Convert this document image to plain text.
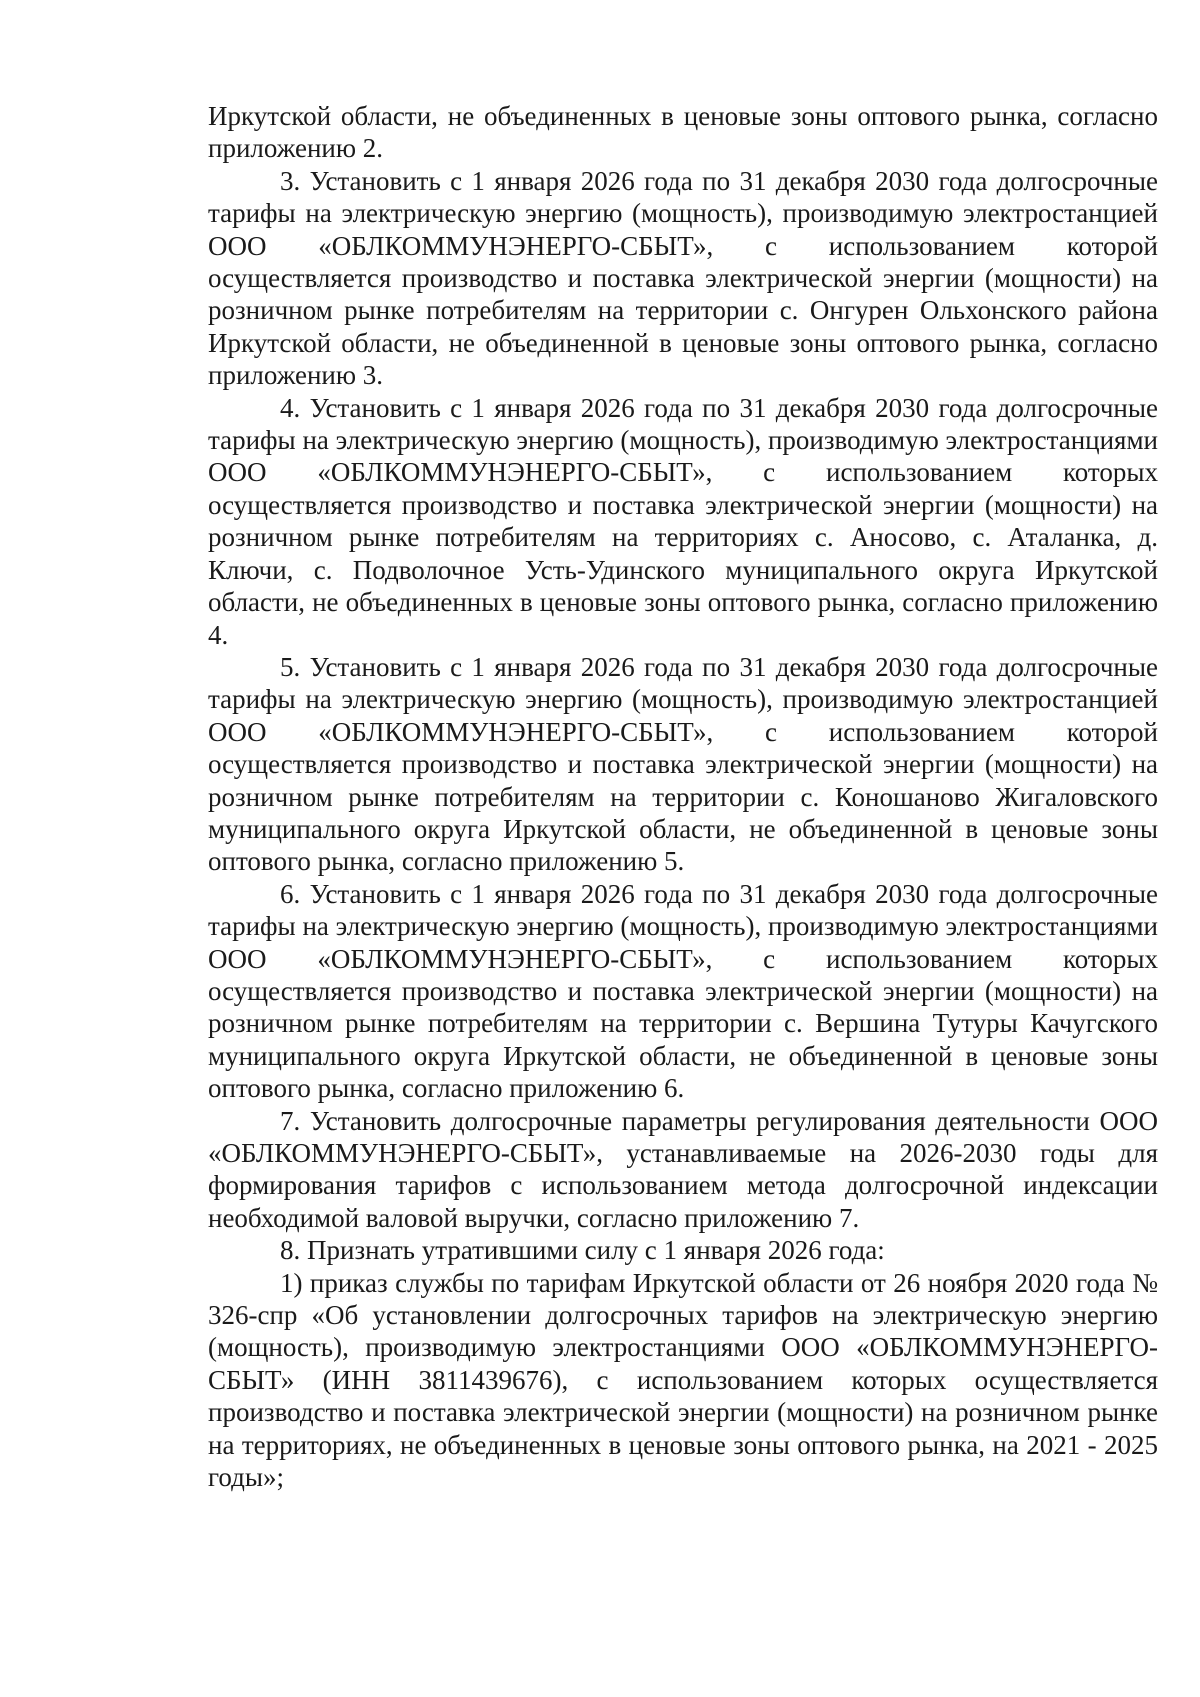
Иркутской области, не объединенных в ценовые зоны оптового рынка, согласно приложению 2.

3. Установить с 1 января 2026 года по 31 декабря 2030 года долгосрочные тарифы на электрическую энергию (мощность), производимую электростанцией ООО «ОБЛКОММУНЭНЕРГО-СБЫТ», с использованием которой осуществляется производство и поставка электрической энергии (мощности) на розничном рынке потребителям на территории с. Онгурен Ольхонского района Иркутской области, не объединенной в ценовые зоны оптового рынка, согласно приложению 3.

4. Установить с 1 января 2026 года по 31 декабря 2030 года долгосрочные тарифы на электрическую энергию (мощность), производимую электростанциями ООО «ОБЛКОММУНЭНЕРГО-СБЫТ», с использованием которых осуществляется производство и поставка электрической энергии (мощности) на розничном рынке потребителям на территориях с. Аносово, с. Аталанка, д. Ключи, с. Подволочное Усть-Удинского муниципального округа Иркутской области, не объединенных в ценовые зоны оптового рынка, согласно приложению 4.

5. Установить с 1 января 2026 года по 31 декабря 2030 года долгосрочные тарифы на электрическую энергию (мощность), производимую электростанцией ООО «ОБЛКОММУНЭНЕРГО-СБЫТ», с использованием которой осуществляется производство и поставка электрической энергии (мощности) на розничном рынке потребителям на территории с. Коношаново Жигаловского муниципального округа Иркутской области, не объединенной в ценовые зоны оптового рынка, согласно приложению 5.

6. Установить с 1 января 2026 года по 31 декабря 2030 года долгосрочные тарифы на электрическую энергию (мощность), производимую электростанциями ООО «ОБЛКОММУНЭНЕРГО-СБЫТ», с использованием которых осуществляется производство и поставка электрической энергии (мощности) на розничном рынке потребителям на территории с. Вершина Тутуры Качугского муниципального округа Иркутской области, не объединенной в ценовые зоны оптового рынка, согласно приложению 6.

7. Установить долгосрочные параметры регулирования деятельности ООО «ОБЛКОММУНЭНЕРГО-СБЫТ», устанавливаемые на 2026-2030 годы для формирования тарифов с использованием метода долгосрочной индексации необходимой валовой выручки, согласно приложению 7.

8. Признать утратившими силу с 1 января 2026 года:

1) приказ службы по тарифам Иркутской области от 26 ноября 2020 года № 326-спр «Об установлении долгосрочных тарифов на электрическую энергию (мощность), производимую электростанциями ООО «ОБЛКОММУНЭНЕРГО-СБЫТ» (ИНН 3811439676), с использованием которых осуществляется производство и поставка электрической энергии (мощности) на розничном рынке на территориях, не объединенных в ценовые зоны оптового рынка, на 2021 - 2025 годы»;
